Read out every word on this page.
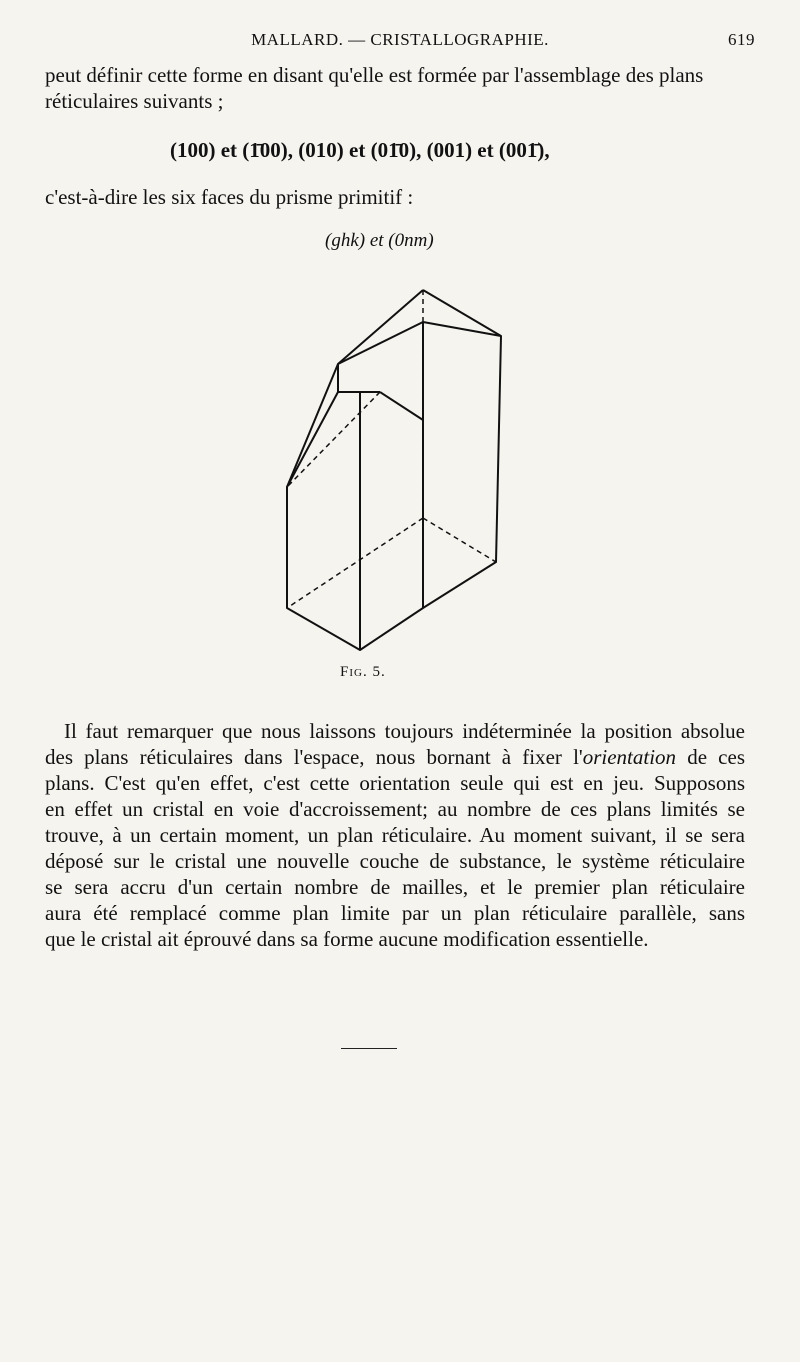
MALLARD. — CRISTALLOGRAPHIE.	619
peut définir cette forme en disant qu'elle est formée par l'assemblage des plans
réticulaires suivants ;
(100) et (1̄00), (010) et (01̄0), (001) et (001̄),
c'est-à-dire les six faces du prisme primitif :
(ghk) et (0nm)
Fig. 5.
Il faut remarquer que nous laissons toujours indéterminée la position absolue
des plans réticulaires dans l'espace, nous bornant à fixer l'orientation de ces
plans. C'est qu'en effet, c'est cette orientation seule qui est en jeu. Supposons
en effet un cristal en voie d'accroissement; au nombre de ces plans limités se
trouve, à un certain moment, un plan réticulaire. Au moment suivant, il se sera
déposé sur le cristal une nouvelle couche de substance, le système réticulaire
se sera accru d'un certain nombre de mailles, et le premier plan réticulaire
aura été remplacé comme plan limite par un plan réticulaire parallèle, sans
que le cristal ait éprouvé dans sa forme aucune modification essentielle.
